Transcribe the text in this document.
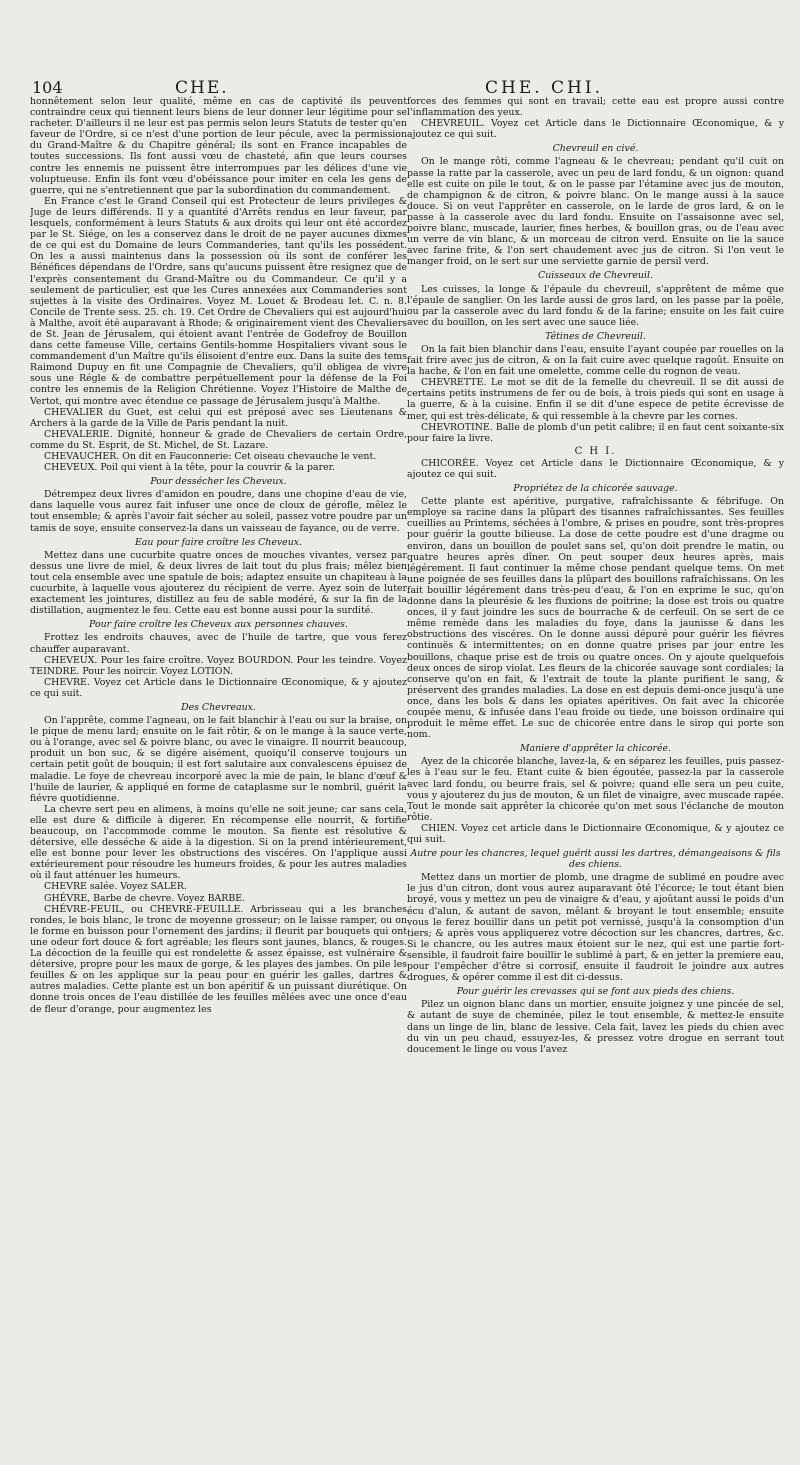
104	CHE.	CHE. CHI.

honnêtement selon leur qualité, même en cas de captivité ils peuvent contraindre ceux qui tiennent leurs biens de leur donner leur légitime pour se racheter. D'ailleurs il ne leur est pas permis selon leurs Statuts de tester qu'en faveur de l'Ordre, si ce n'est d'une portion de leur pécule, avec la permission du Grand-Maître & du Chapitre général; ils sont en France incapables de toutes successions. Ils font aussi vœu de chasteté, afin que leurs courses contre les ennemis ne puissent être interrompues par les délices d'une vie voluptueuse. Enfin ils font vœu d'obéissance pour imiter en cela les gens de guerre, qui ne s'entretiennent que par la subordination du commandement.

En France c'est le Grand Conseil qui est Protecteur de leurs privileges & Juge de leurs différends. Il y a quantité d'Arrêts rendus en leur faveur, par lesquels, conformément à leurs Statuts & aux droits qui leur ont été accordez par le St. Siége, on les a conservez dans le droit de ne payer aucunes dixmes de ce qui est du Domaine de leurs Commanderies, tant qu'ils les possédent. On les a aussi maintenus dans la possession où ils sont de conférer les Bénéfices dépendans de l'Ordre, sans qu'aucuns puissent être resignez que de l'exprès consentement du Grand-Maître ou du Commandeur. Ce qu'il y a seulement de particulier, est que les Cures annexées aux Commanderies sont sujettes à la visite des Ordinaires. Voyez M. Louet & Brodeau let. C. n. 8. Concile de Trente sess. 25. ch. 19. Cet Ordre de Chevaliers qui est aujourd'hui à Malthe, avoit été auparavant à Rhode; & originairement vient des Chevaliers de St. Jean de Jérusalem, qui étoient avant l'entrée de Godefroy de Bouillon dans cette fameuse Ville, certains Gentils-homme Hospitaliers vivant sous le commandement d'un Maître qu'ils élisoient d'entre eux. Dans la suite des tems Raimond Dupuy en fit une Compagnie de Chevaliers, qu'il obligea de vivre sous une Régle & de combattre perpétuellement pour la défense de la Foi contre les ennemis de la Religion Chrétienne. Voyez l'Histoire de Malthe de Vertot, qui montre avec étendue ce passage de Jérusalem jusqu'à Malthe.

CHEVALIER du Guet, est celui qui est préposé avec ses Lieutenans & Archers à la garde de la Ville de Paris pendant la nuit.

CHEVALERIE. Dignité, honneur & grade de Chevaliers de certain Ordre, comme du St. Esprit, de St. Michel, de St. Lazare.

CHEVAUCHER. On dit en Fauconnerie: Cet oiseau chevauche le vent.

CHEVEUX. Poil qui vient à la tête, pour la couvrir & la parer.

Pour dessécher les Cheveux.

Détrempez deux livres d'amidon en poudre, dans une chopine d'eau de vie, dans laquelle vous aurez fait infuser une once de cloux de gérofle, mêlez le tout ensemble; & après l'avoir fait sécher au soleil, passez votre poudre par un tamis de soye, ensuite conservez-la dans un vaisseau de fayance, ou de verre.

Eau pour faire croître les Cheveux.

Mettez dans une cucurbite quatre onces de mouches vivantes, versez par dessus une livre de miel, & deux livres de lait tout du plus frais; mêlez bien tout cela ensemble avec une spatule de bois; adaptez ensuite un chapiteau à la cucurbite, à laquelle vous ajouterez du récipient de verre. Ayez soin de luter exactement les jointures, distillez au feu de sable modéré, & sur la fin de la distillation, augmentez le feu. Cette eau est bonne aussi pour la surdité.

Pour faire croître les Cheveux aux personnes chauves.

Frottez les endroits chauves, avec de l'huile de tartre, que vous ferez chauffer auparavant.

CHEVEUX. Pour les faire croître. Voyez BOURDON. Pour les teindre. Voyez TEINDRE. Pour les noircir. Voyez LOTION.

CHEVRE. Voyez cet Article dans le Dictionnaire Œconomique, & y ajoutez ce qui suit.

Des Chevreaux.

On l'apprête, comme l'agneau, on le fait blanchir à l'eau ou sur la braise, on le pique de menu lard; ensuite on le fait rôtir, & on le mange à la sauce verte, ou à l'orange, avec sel & poivre blanc, ou avec le vinaigre. Il nourrit beaucoup, produit un bon suc, & se digére aisément, quoiqu'il conserve toujours un certain petit goût de bouquin; il est fort salutaire aux convalescens épuisez de maladie. Le foye de chevreau incorporé avec la mie de pain, le blanc d'œuf & l'huile de laurier, & appliqué en forme de cataplasme sur le nombril, guérit la fiévre quotidienne.

La chevre sert peu en alimens, à moins qu'elle ne soit jeune; car sans cela, elle est dure & difficile à digerer. En récompense elle nourrit, & fortifie beaucoup, on l'accommode comme le mouton. Sa fiente est résolutive & détersive, elle desséche & aide à la digestion. Si on la prend intérieurement, elle est bonne pour lever les obstructions des viscéres. On l'applique aussi extérieurement pour résoudre les humeurs froides, & pour les autres maladies où il faut atténuer les humeurs.

CHEVRE salée. Voyez SALER.

GHÉVRE, Barbe de chevre. Voyez BARBE.

CHÉVRE-FEUIL, ou CHEVRE-FEUILLE. Arbrisseau qui a les branches rondes, le bois blanc, le tronc de moyenne grosseur; on le laisse ramper, ou on le forme en buisson pour l'ornement des jardins; il fleurit par bouquets qui ont une odeur fort douce & fort agréable; les fleurs sont jaunes, blancs, & rouges. La décoction de la feuille qui est rondelette & assez épaisse, est vulnéraire & détersive, propre pour les maux de gorge, & les playes des jambes. On pile les feuilles & on les applique sur la peau pour en guérir les galles, dartres & autres maladies. Cette plante est un bon apéritif & un puissant diurétique. On donne trois onces de l'eau distillée de les feuilles mêlées avec une once d'eau de fleur d'orange, pour augmentez les

forces des femmes qui sont en travail; cette eau est propre aussi contre l'inflammation des yeux.

CHEVREUIL. Voyez cet Article dans le Dictionnaire Œconomique, & y ajoutez ce qui suit.

Chevreuil en civé.

On le mange rôti, comme l'agneau & le chevreau; pendant qu'il cuit on passe la ratte par la casserole, avec un peu de lard fondu, & un oignon: quand elle est cuite on pile le tout, & on le passe par l'étamine avec jus de mouton, de champignon & de citron, & poivre blanc. On le mange aussi à la sauce douce. Si on veut l'apprêter en casserole, on le larde de gros lard, & on le passe à la casserole avec du lard fondu. Ensuite on l'assaisonne avec sel, poivre blanc, muscade, laurier, fines herbes, & bouillon gras, ou de l'eau avec un verre de vin blanc, & un morceau de citron verd. Ensuite on lie la sauce avec farine frite, & l'on sert chaudement avec jus de citron. Si l'on veut le manger froid, on le sert sur une serviette garnie de persil verd.

Cuisseaux de Chevreuil.

Les cuisses, la longe & l'épaule du chevreuil, s'apprêtent de même que l'épaule de sanglier. On les larde aussi de gros lard, on les passe par la poële, ou par la casserole avec du lard fondu & de la farine; ensuite on les fait cuire avec du bouillon, on les sert avec une sauce liée.

Têtines de Chevreuil.

On la fait bien blanchir dans l'eau, ensuite l'ayant coupée par rouelles on la fait frire avec jus de citron, & on la fait cuire avec quelque ragoût. Ensuite on la hache, & l'on en fait une omelette, comme celle du rognon de veau.

CHEVRETTE. Le mot se dit de la femelle du chevreuil. Il se dit aussi de certains petits instrumens de fer ou de bois, à trois pieds qui sont en usage à la guerre, & à la cuisine. Enfin il se dit d'une espece de petite écrevisse de mer, qui est très-délicate, & qui ressemble à la chevre par les cornes.

CHEVROTINE. Balle de plomb d'un petit calibre; il en faut cent soixante-six pour faire la livre.

C H I.

CHICORÉE. Voyez cet Article dans le Dictionnaire Œconomique, & y ajoutez ce qui suit.

Propriétez de la chicorée sauvage.

Cette plante est apéritive, purgative, rafraîchissante & fébrifuge. On employe sa racine dans la plûpart des tisannes rafraîchissantes. Ses feuilles cueillies au Printems, séchées à l'ombre, & prises en poudre, sont très-propres pour guérir la goutte bilieuse. La dose de cette poudre est d'une dragme ou environ, dans un bouillon de poulet sans sel, qu'on doit prendre le matin, ou quatre heures après dîner. On peut souper deux heures après, mais légérement. Il faut continuer la même chose pendant quelque tems. On met une poignée de ses feuilles dans la plûpart des bouillons rafraîchissans. On les fait bouillir légérement dans très-peu d'eau, & l'on en exprime le suc, qu'on donne dans la pleurésie & les fluxions de poitrine; la dose est trois ou quatre onces, il y faut joindre les sucs de bourrache & de cerfeuil. On se sert de ce même remède dans les maladies du foye, dans la jaunisse & dans les obstructions des viscéres. On le donne aussi dépuré pour guérir les fiévres continuës & intermittentes; on en donne quatre prises par jour entre les bouillons, chaque prise est de trois ou quatre onces. On y ajoute quelquefois deux onces de sirop violat. Les fleurs de la chicorée sauvage sont cordiales; la conserve qu'on en fait, & l'extrait de toute la plante purifient le sang, & préservent des grandes maladies. La dose en est depuis demi-once jusqu'à une once, dans les bols & dans les opiates apéritives. On fait avec la chicorée coupée menu, & infusée dans l'eau froide ou tiede, une boisson ordinaire qui produit le même effet. Le suc de chicorée entre dans le sirop qui porte son nom.

Maniere d'apprêter la chicorée.

Ayez de la chicorée blanche, lavez-la, & en séparez les feuilles, puis passez-les à l'eau sur le feu. Etant cuite & bien égoutée, passez-la par la casserole avec lard fondu, ou beurre frais, sel & poivre; quand elle sera un peu cuite, vous y ajouterez du jus de mouton, & un filet de vinaigre, avec muscade rapée. Tout le monde sait apprêter la chicorée qu'on met sous l'éclanche de mouton rôtie.

CHIEN. Voyez cet article dans le Dictionnaire Œconomique, & y ajoutez ce qui suit.

Autre pour les chancres, lequel guérit aussi les dartres, démangeaisons & fils des chiens.

Mettez dans un mortier de plomb, une dragme de sublimé en poudre avec le jus d'un citron, dont vous aurez auparavant ôté l'écorce; le tout étant bien broyé, vous y mettez un peu de vinaigre & d'eau, y ajoûtant aussi le poids d'un écu d'alun, & autant de savon, mêlant & broyant le tout ensemble; ensuite vous le ferez bouillir dans un petit pot vernissé, jusqu'à la consomption d'un tiers; & après vous appliquerez votre décoction sur les chancres, dartres, &c. Si le chancre, ou les autres maux étoient sur le nez, qui est une partie fort-sensible, il faudroit faire bouillir le sublimé à part, & en jetter la premiere eau, pour l'empêcher d'être si corrosif, ensuite il faudroit le joindre aux autres drogues, & opérer comme il est dit ci-dessus.

Pour guérir les crevasses qui se font aux pieds des chiens.

Pilez un oignon blanc dans un mortier, ensuite joignez y une pincée de sel, & autant de suye de cheminée, pilez le tout ensemble, & mettez-le ensuite dans un linge de lin, blanc de lessive. Cela fait, lavez les pieds du chien avec du vin un peu chaud, essuyez-les, & pressez votre drogue en serrant tout doucement le linge ou vous l'avez
